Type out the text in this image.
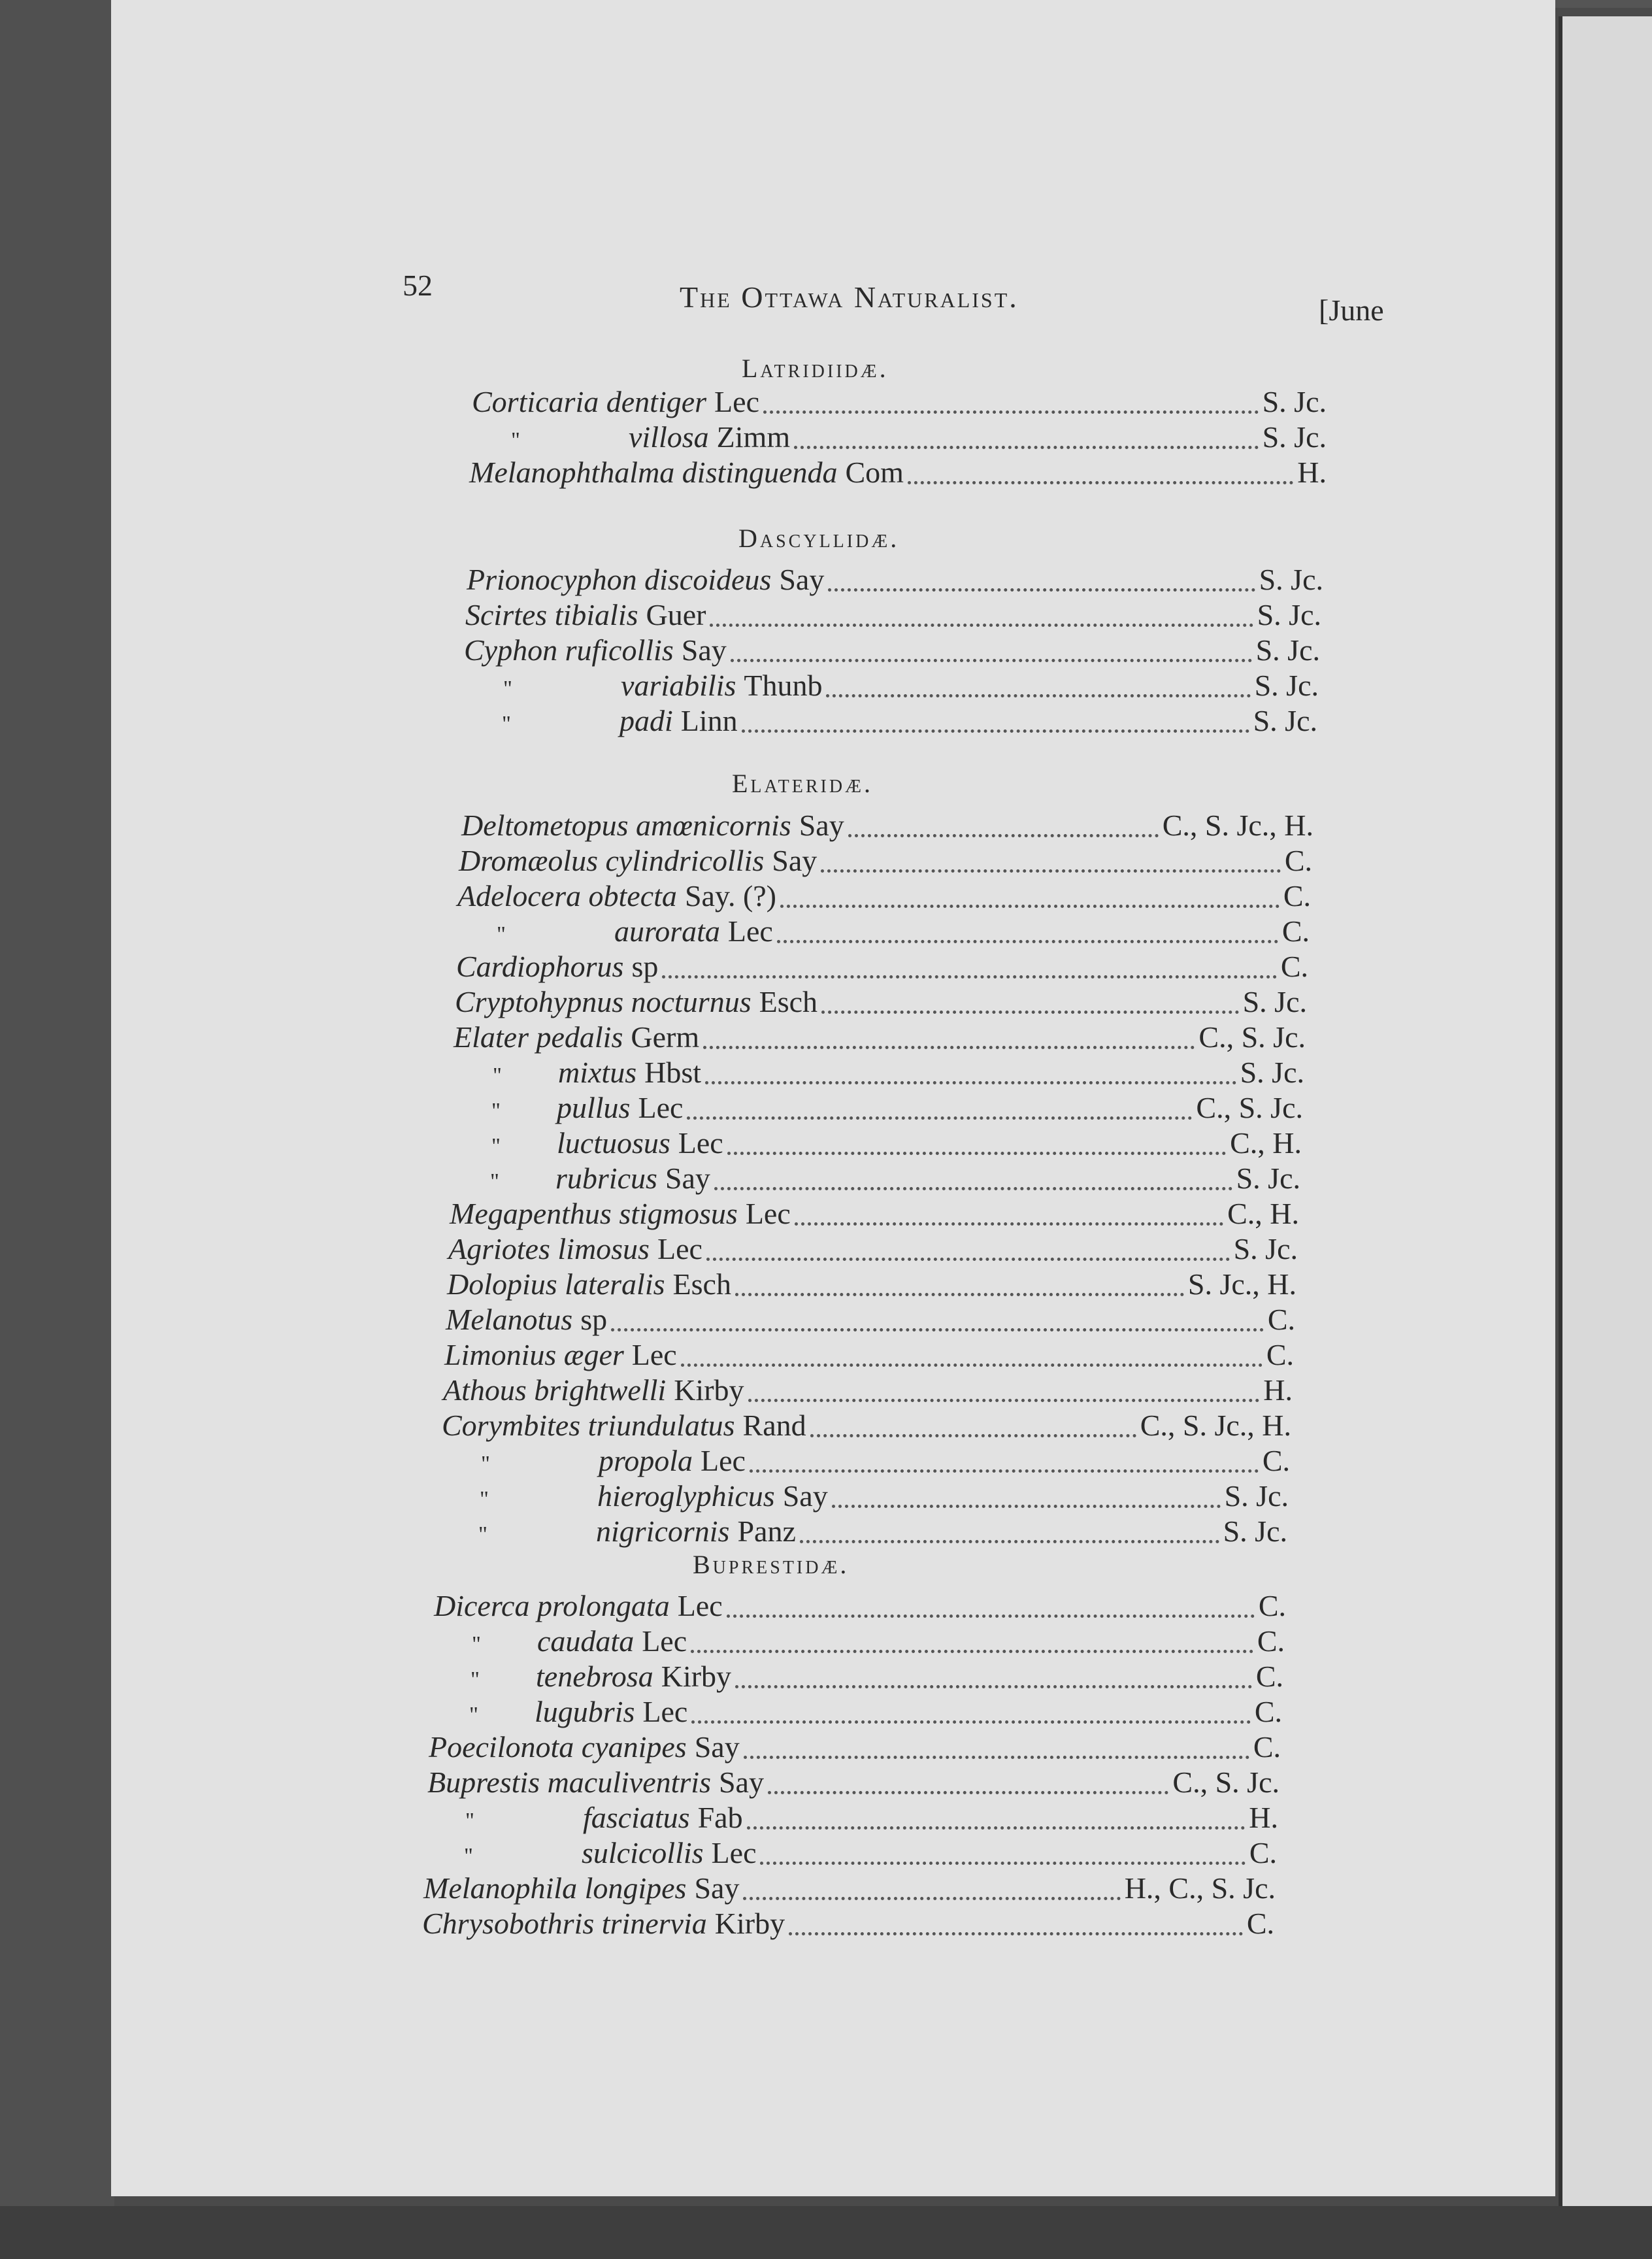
52	The Ottawa Naturalist.	[June
Latridiidæ.
Corticaria dentiger Lec	S. Jc.
"	villosa Zimm	S. Jc.
Melanophthalma distinguenda Com	H.
Dascyllidæ.
Prionocyphon discoideus Say	S. Jc.
Scirtes tibialis Guer	S. Jc.
Cyphon ruficollis Say	S. Jc.
"	variabilis Thunb	S. Jc.
"	padi Linn	S. Jc.
Elateridæ.
Deltometopus amœnicornis Say	C., S. Jc., H.
Dromæolus cylindricollis Say	C.
Adelocera obtecta Say. (?)	C.
"	aurorata Lec	C.
Cardiophorus sp	C.
Cryptohypnus nocturnus Esch	S. Jc.
Elater pedalis Germ	C., S. Jc.
"	mixtus Hbst	S. Jc.
"	pullus Lec	C., S. Jc.
"	luctuosus Lec	C., H.
"	rubricus Say	S. Jc.
Megapenthus stigmosus Lec	C., H.
Agriotes limosus Lec	S. Jc.
Dolopius lateralis Esch	S. Jc., H.
Melanotus sp	C.
Limonius æger Lec	C.
Athous brightwelli Kirby	H.
Corymbites triundulatus Rand	C., S. Jc., H.
"	propola Lec	C.
"	hieroglyphicus Say	S. Jc.
"	nigricornis Panz	S. Jc.
Buprestidæ.
Dicerca prolongata Lec	C.
"	caudata Lec	C.
"	tenebrosa Kirby	C.
"	lugubris Lec	C.
Poecilonota cyanipes Say	C.
Buprestis maculiventris Say	C., S. Jc.
"	fasciatus Fab	H.
"	sulcicollis Lec	C.
Melanophila longipes Say	H., C., S. Jc.
Chrysobothris trinervia Kirby	C.
